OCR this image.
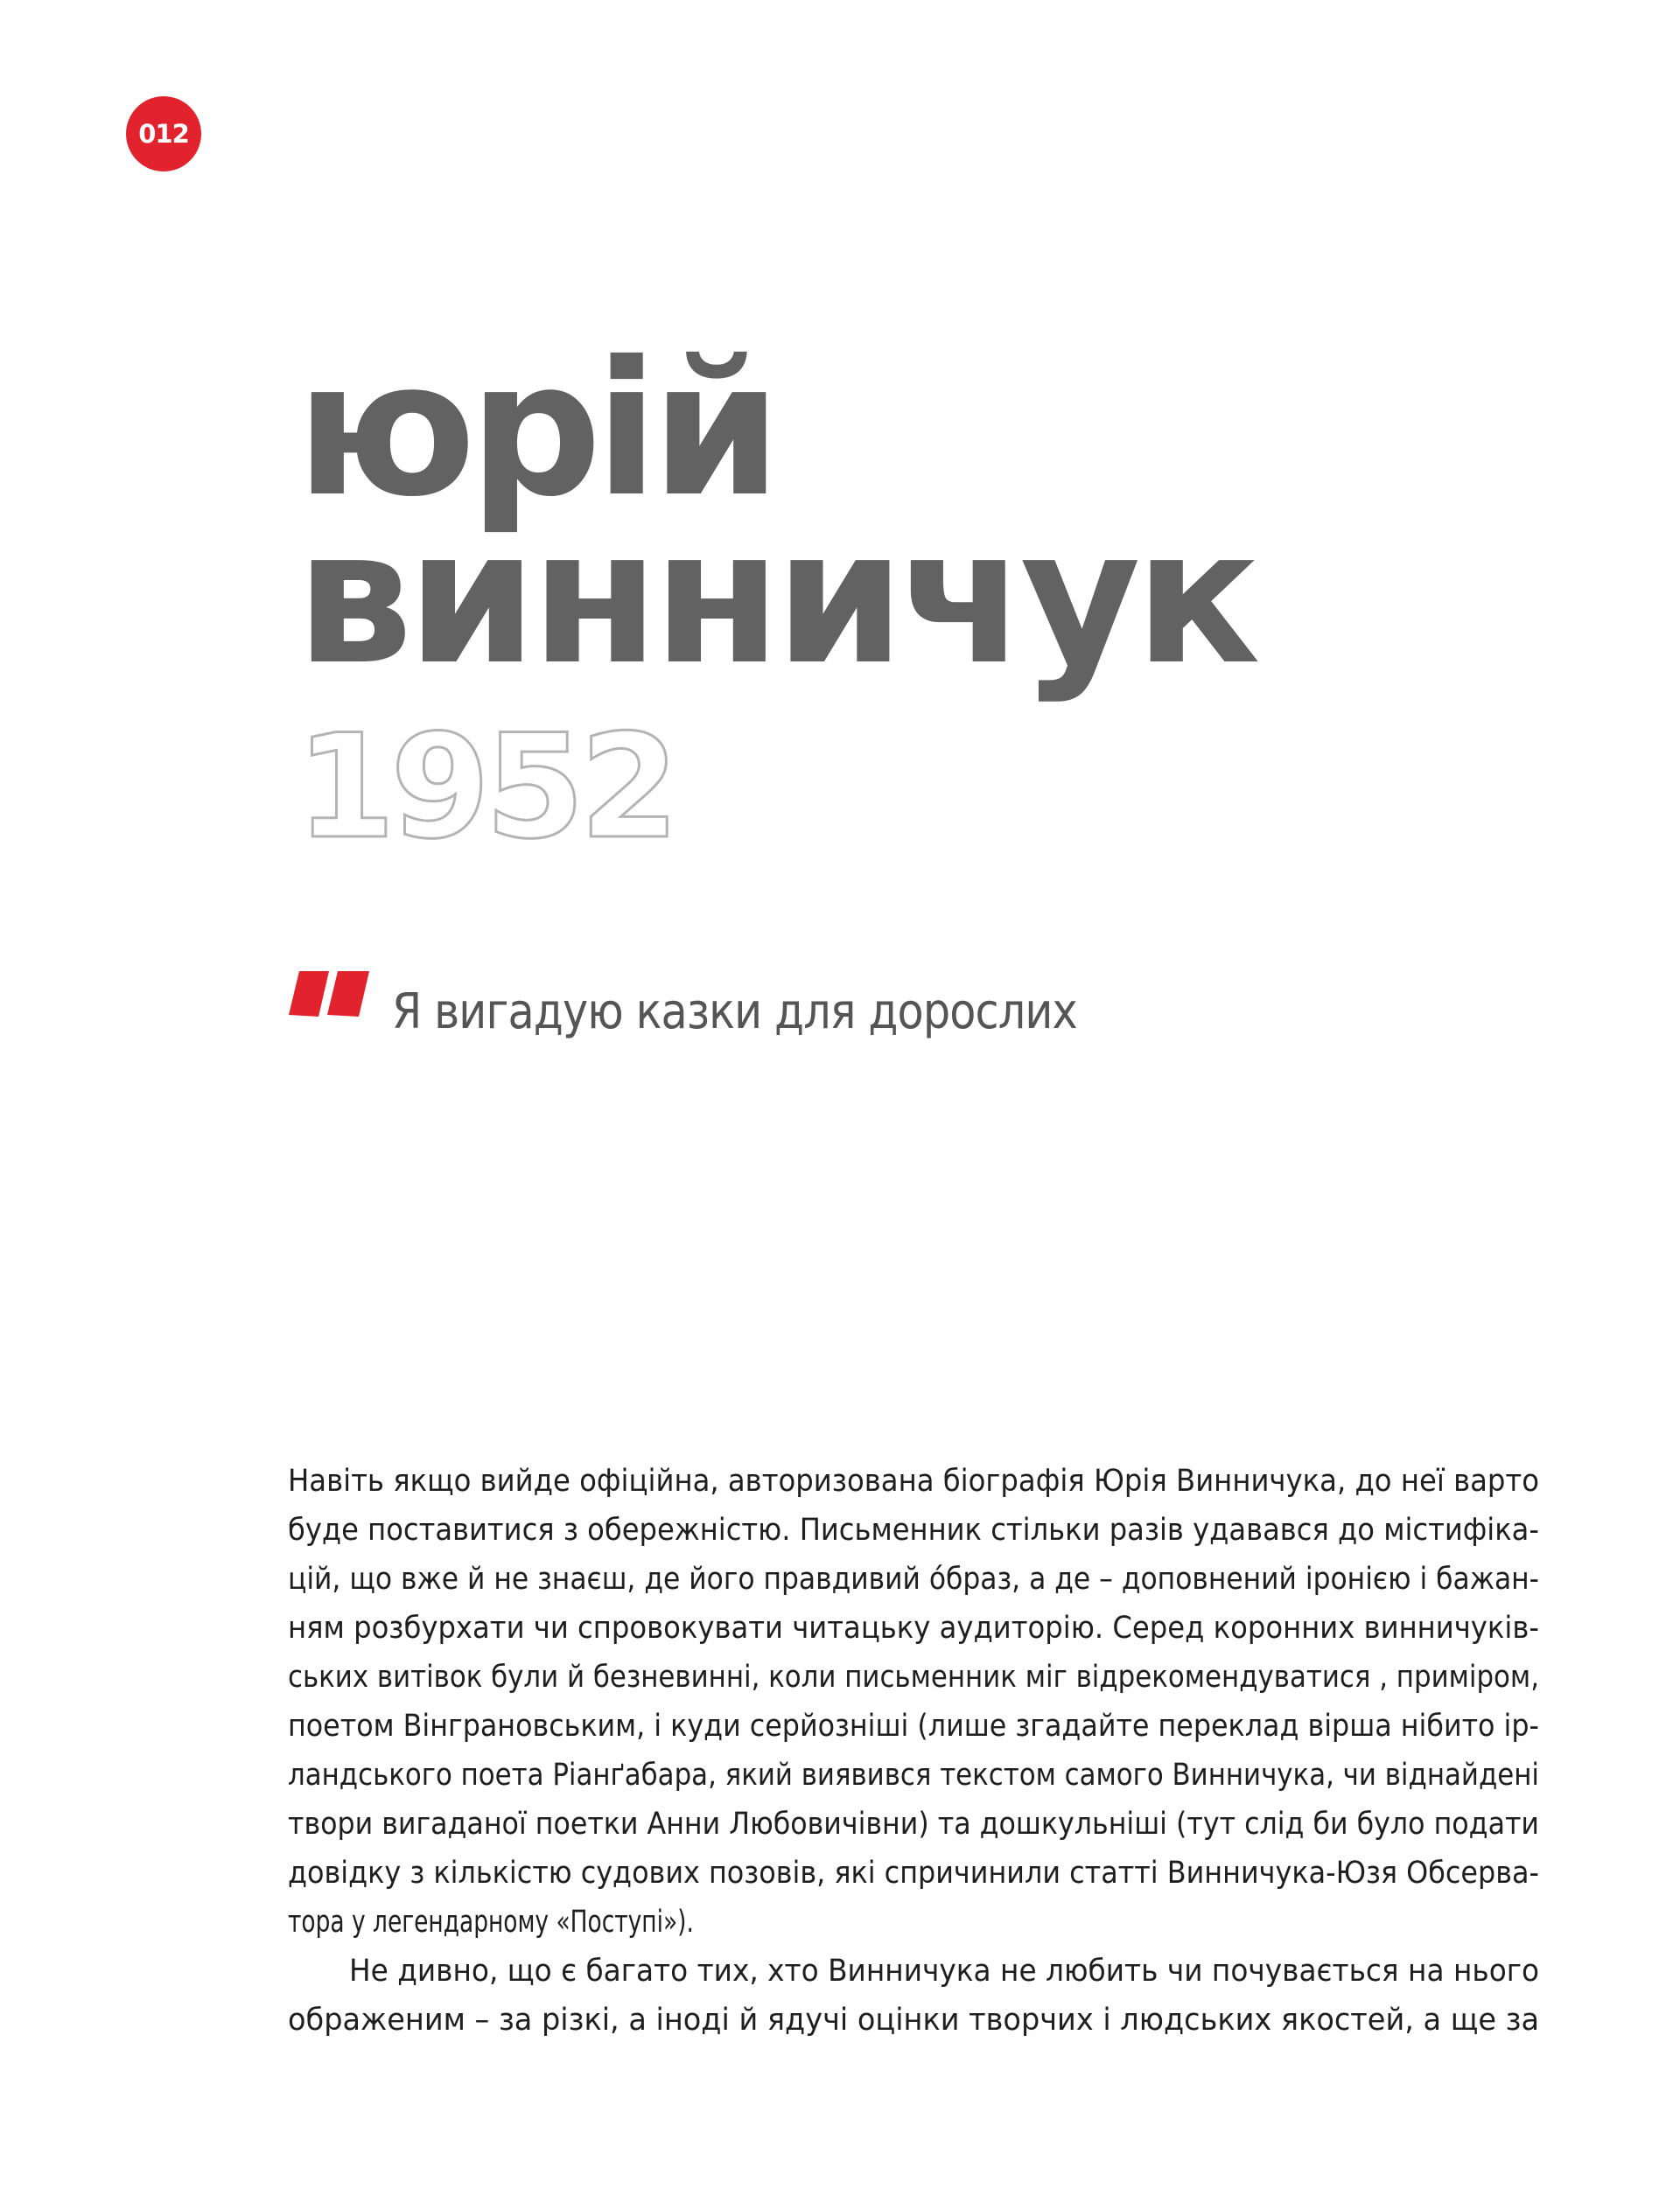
012
юрій
винничук
1952
Я вигадую казки для дорослих
Навіть якщо вийде офіційна, авторизована біографія Юрія Винничука, до неї варто
буде поставитися з обережністю. Письменник стільки разів удавався до містифіка-
цій, що вже й не знаєш, де його правдивий óбраз, а де – доповнений іронією і бажан-
ням розбурхати чи спровокувати читацьку аудиторію. Серед коронних винничуків-
ських витівок були й безневинні, коли письменник міг відрекомендуватися , приміром,
поетом Вінграновським, і куди серйозніші (лише згадайте переклад вірша нібито ір-
ландського поета Ріанґабара, який виявився текстом самого Винничука, чи віднайдені
твори вигаданої поетки Анни Любовичівни) та дошкульніші (тут слід би було подати
довідку з кількістю судових позовів, які спричинили статті Винничука-Юзя Обсерва-
тора у легендарному «Поступі»).
Не дивно, що є багато тих, хто Винничука не любить чи почувається на нього
ображеним – за різкі, а іноді й ядучі оцінки творчих і людських якостей, а ще за
